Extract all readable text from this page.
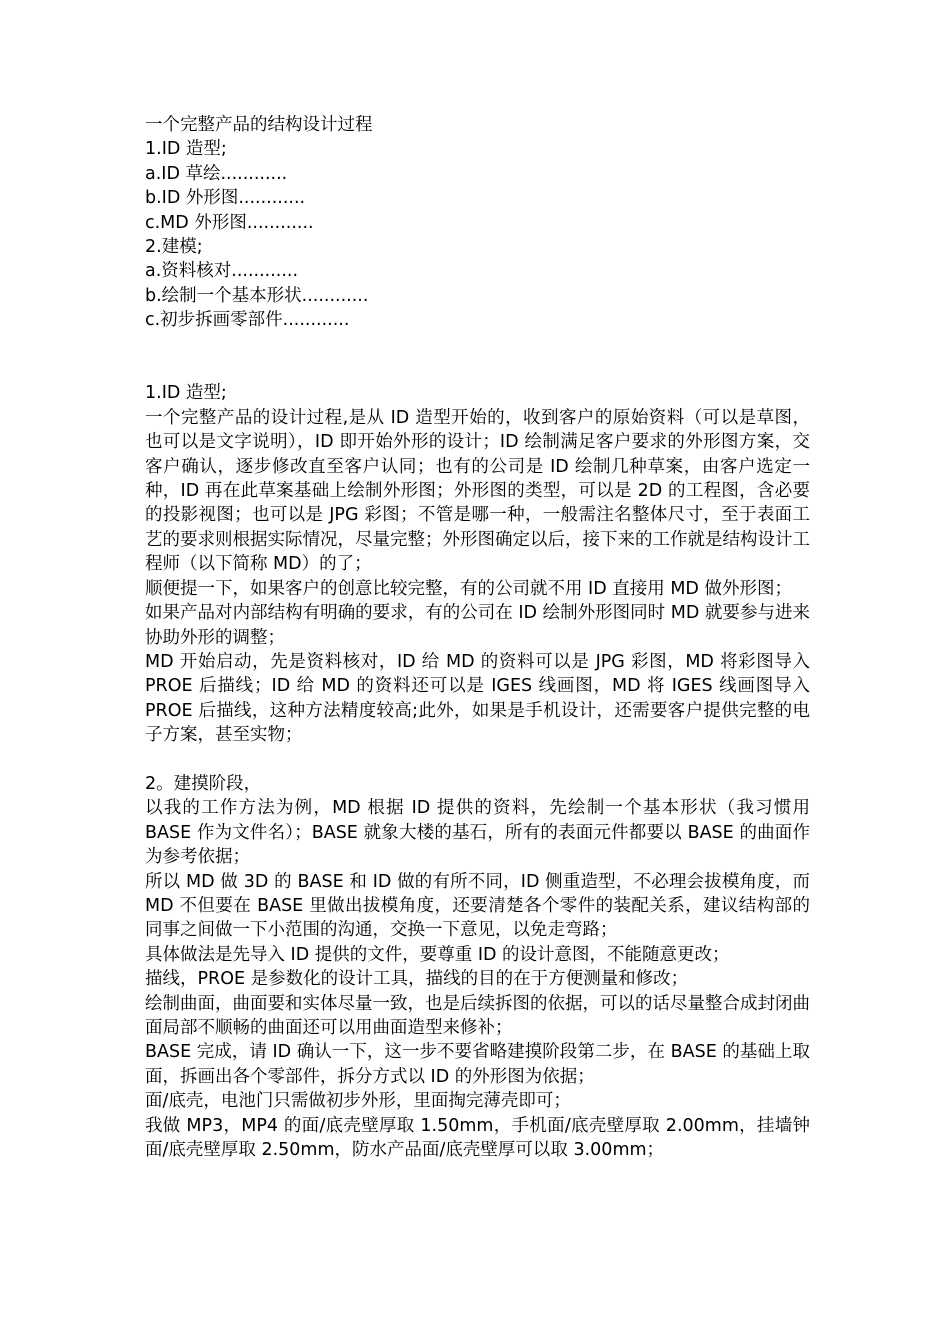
一个完整产品的结构设计过程
1.ID 造型;
a.ID 草绘............
b.ID 外形图............
c.MD 外形图............
2.建模;
a.资料核对............
b.绘制一个基本形状............
c.初步拆画零部件............
1.ID 造型;
一个完整产品的设计过程,是从 ID 造型开始的，收到客户的原始资料（可以是草图，也可以是文字说明），ID 即开始外形的设计；ID 绘制满足客户要求的外形图方案，交客户确认，逐步修改直至客户认同；也有的公司是 ID 绘制几种草案，由客户选定一种，ID 再在此草案基础上绘制外形图；外形图的类型，可以是 2D 的工程图，含必要的投影视图；也可以是 JPG 彩图；不管是哪一种，一般需注名整体尺寸，至于表面工艺的要求则根据实际情况，尽量完整；外形图确定以后，接下来的工作就是结构设计工程师（以下简称 MD）的了；
顺便提一下，如果客户的创意比较完整，有的公司就不用 ID 直接用 MD 做外形图；
如果产品对内部结构有明确的要求，有的公司在 ID 绘制外形图同时 MD 就要参与进来协助外形的调整；
MD 开始启动，先是资料核对，ID 给 MD 的资料可以是 JPG 彩图，MD 将彩图导入 PROE 后描线；ID 给 MD 的资料还可以是 IGES 线画图，MD 将 IGES 线画图导入 PROE 后描线，这种方法精度较高;此外，如果是手机设计，还需要客户提供完整的电子方案，甚至实物；
2。建摸阶段，
以我的工作方法为例，MD 根据 ID 提供的资料，先绘制一个基本形状（我习惯用 BASE 作为文件名）；BASE 就象大楼的基石，所有的表面元件都要以 BASE 的曲面作为参考依据；
所以 MD 做 3D 的 BASE 和 ID 做的有所不同，ID 侧重造型，不必理会拔模角度，而 MD 不但要在 BASE 里做出拔模角度，还要清楚各个零件的装配关系，建议结构部的同事之间做一下小范围的沟通，交换一下意见，以免走弯路；
具体做法是先导入 ID 提供的文件，要尊重 ID 的设计意图，不能随意更改；
描线，PROE 是参数化的设计工具，描线的目的在于方便测量和修改；
绘制曲面，曲面要和实体尽量一致，也是后续拆图的依据，可以的话尽量整合成封闭曲面局部不顺畅的曲面还可以用曲面造型来修补；
BASE 完成，请 ID 确认一下，这一步不要省略建摸阶段第二步，在 BASE 的基础上取面，拆画出各个零部件，拆分方式以 ID 的外形图为依据；
面/底壳，电池门只需做初步外形，里面掏完薄壳即可；
我做 MP3，MP4 的面/底壳壁厚取 1.50mm，手机面/底壳壁厚取 2.00mm，挂墙钟面/底壳壁厚取 2.50mm，防水产品面/底壳壁厚可以取 3.00mm；
